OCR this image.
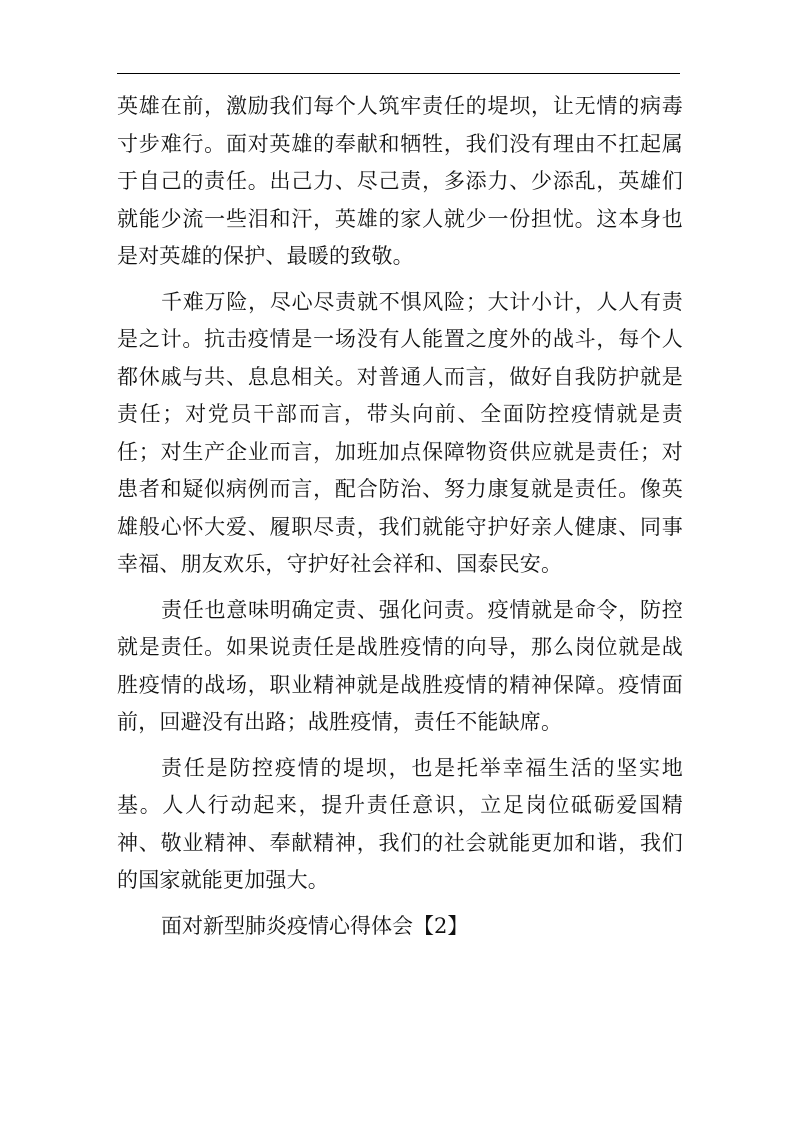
英雄在前，激励我们每个人筑牢责任的堤坝，让无情的病毒寸步难行。面对英雄的奉献和牺牲，我们没有理由不扛起属于自己的责任。出己力、尽己责，多添力、少添乱，英雄们就能少流一些泪和汗，英雄的家人就少一份担忧。这本身也是对英雄的保护、最暖的致敬。

千难万险，尽心尽责就不惧风险；大计小计，人人有责是之计。抗击疫情是一场没有人能置之度外的战斗，每个人都休戚与共、息息相关。对普通人而言，做好自我防护就是责任；对党员干部而言，带头向前、全面防控疫情就是责任；对生产企业而言，加班加点保障物资供应就是责任；对患者和疑似病例而言，配合防治、努力康复就是责任。像英雄般心怀大爱、履职尽责，我们就能守护好亲人健康、同事幸福、朋友欢乐，守护好社会祥和、国泰民安。

责任也意味明确定责、强化问责。疫情就是命令，防控就是责任。如果说责任是战胜疫情的向导，那么岗位就是战胜疫情的战场，职业精神就是战胜疫情的精神保障。疫情面前，回避没有出路；战胜疫情，责任不能缺席。

责任是防控疫情的堤坝，也是托举幸福生活的坚实地基。人人行动起来，提升责任意识，立足岗位砥砺爱国精神、敬业精神、奉献精神，我们的社会就能更加和谐，我们的国家就能更加强大。

面对新型肺炎疫情心得体会【2】
